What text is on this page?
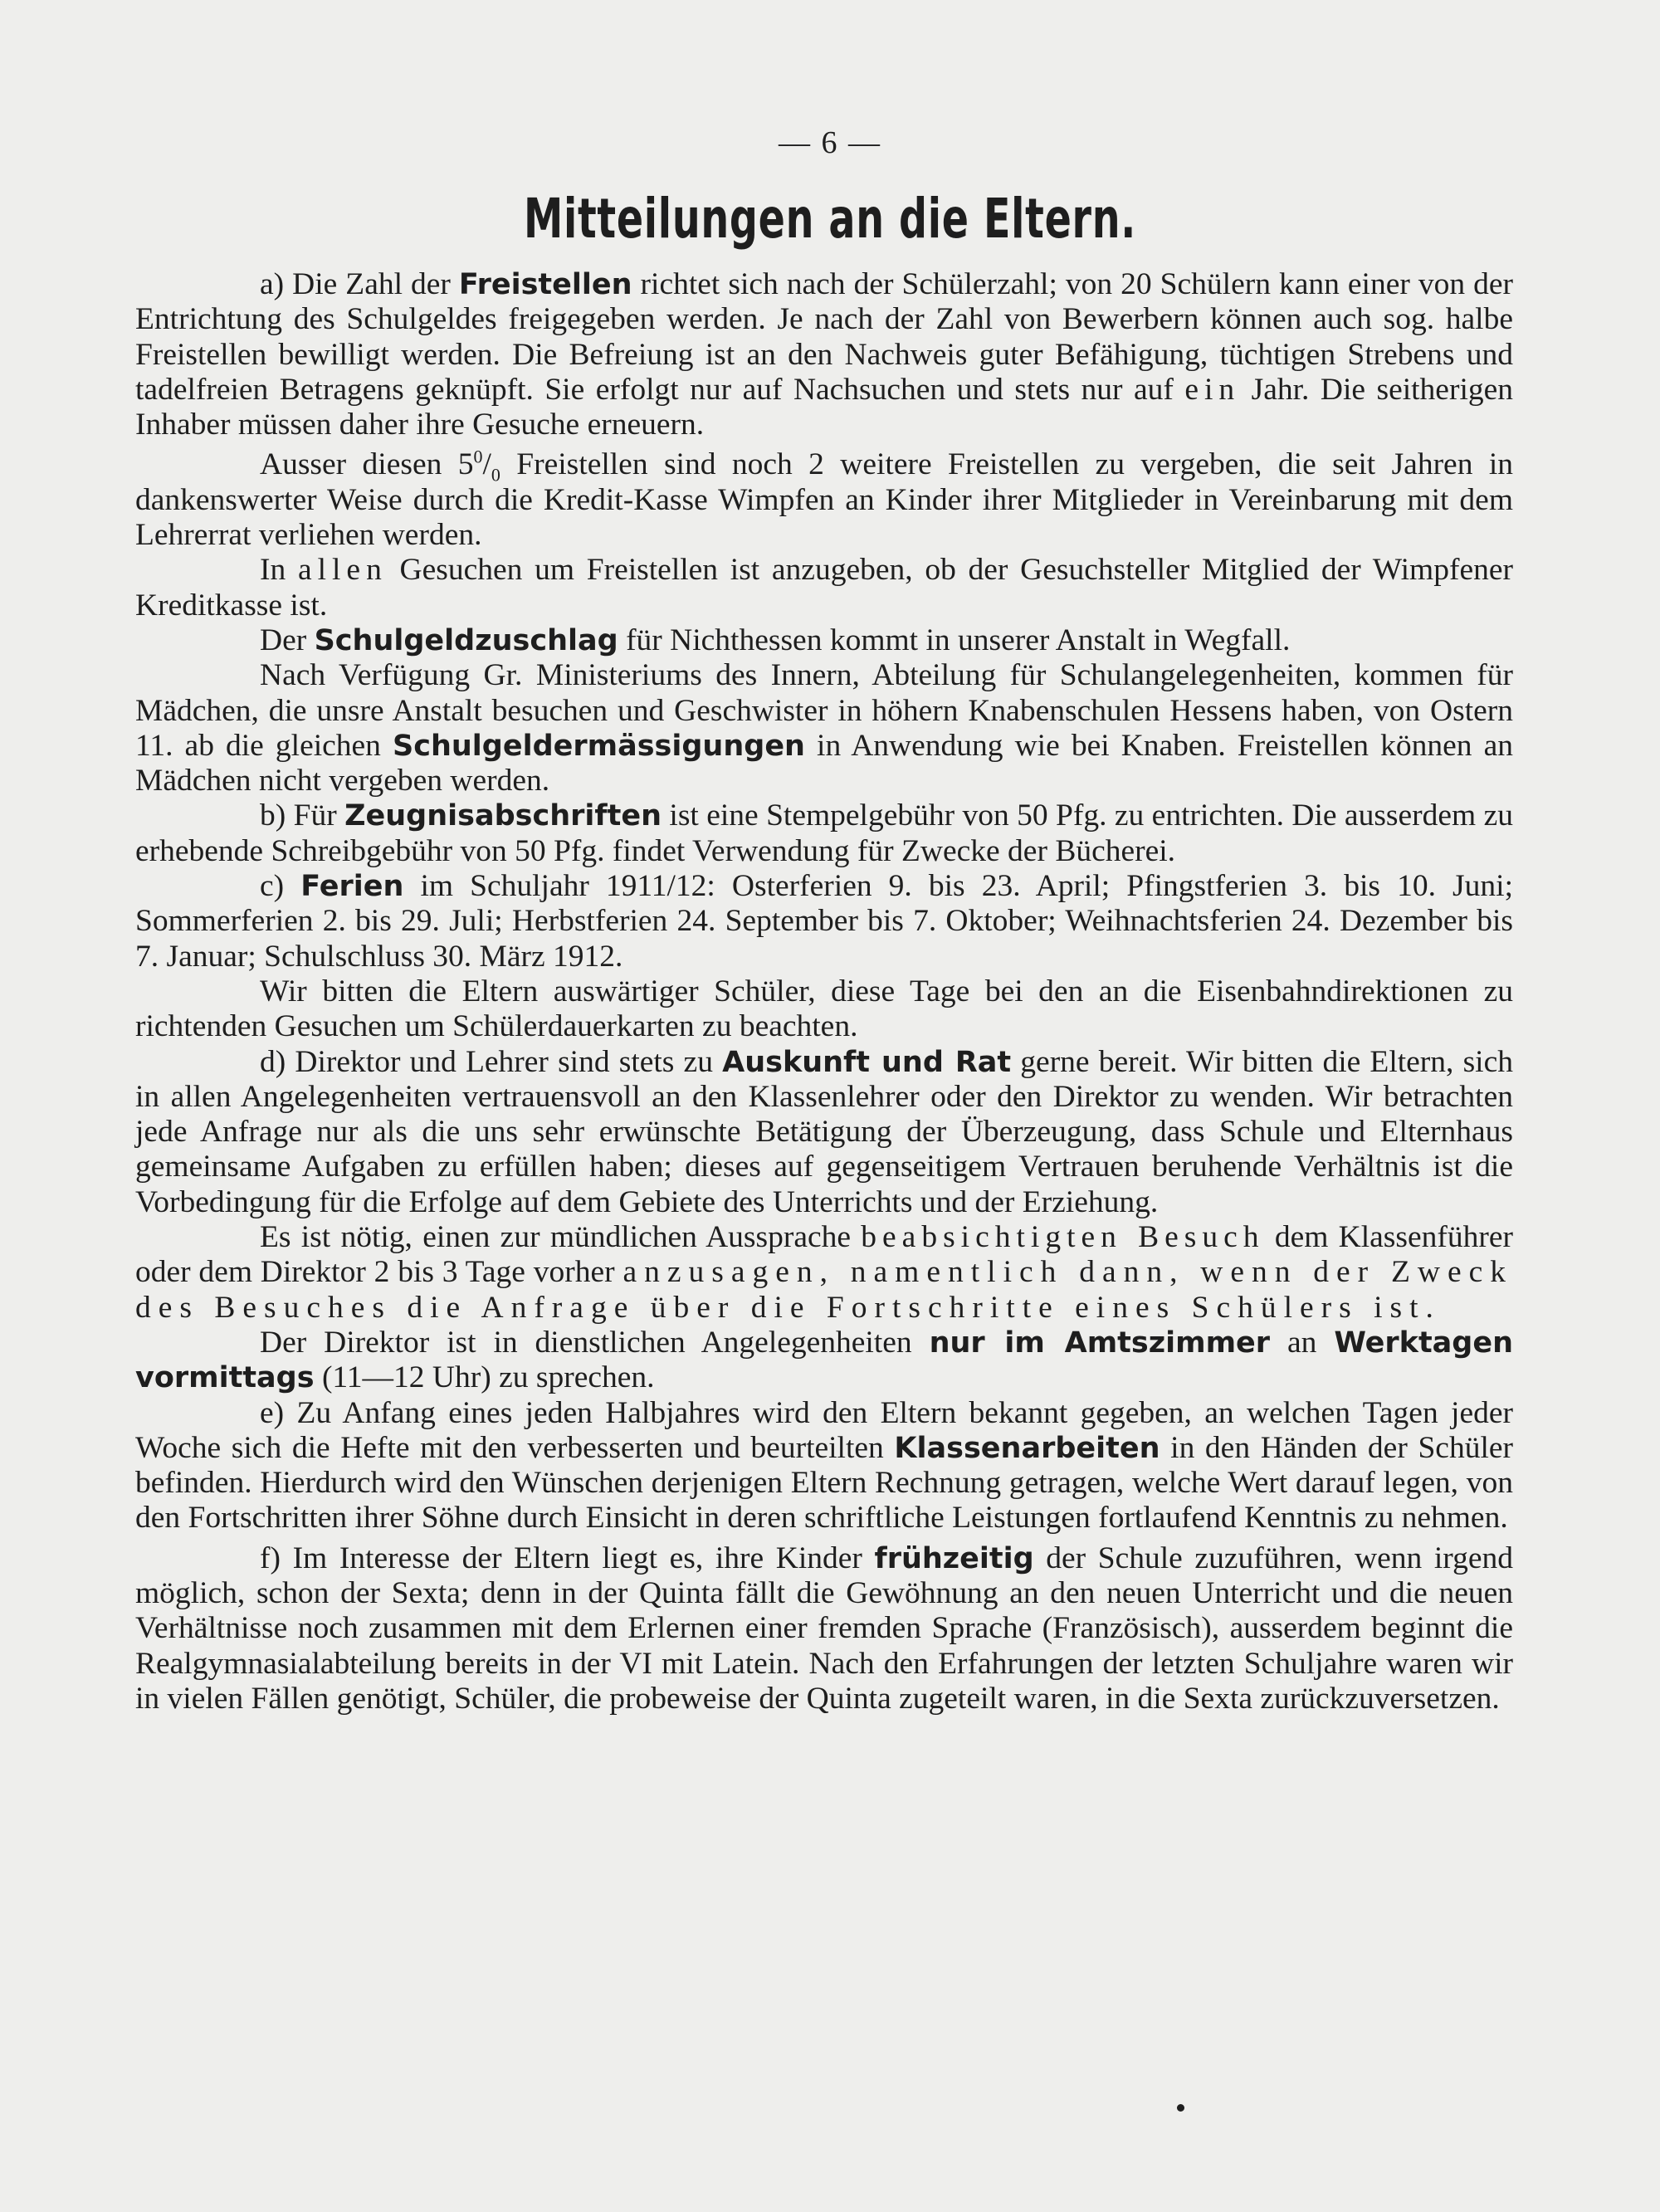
— 6 —
Mitteilungen an die Eltern.
a) Die Zahl der Freistellen richtet sich nach der Schülerzahl; von 20 Schülern kann einer von der Entrichtung des Schulgeldes freigegeben werden. Je nach der Zahl von Bewerbern können auch sog. halbe Freistellen bewilligt werden. Die Befreiung ist an den Nachweis guter Befähigung, tüchtigen Strebens und tadelfreien Betragens geknüpft. Sie erfolgt nur auf Nachsuchen und stets nur auf ein Jahr. Die seitherigen Inhaber müssen daher ihre Gesuche erneuern.
Ausser diesen $5^0/_0$ Freistellen sind noch 2 weitere Freistellen zu vergeben, die seit Jahren in dankenswerter Weise durch die Kredit-Kasse Wimpfen an Kinder ihrer Mitglieder in Vereinbarung mit dem Lehrerrat verliehen werden.
In allen Gesuchen um Freistellen ist anzugeben, ob der Gesuchsteller Mitglied der Wimpfener Kreditkasse ist.
Der Schulgeldzuschlag für Nichthessen kommt in unserer Anstalt in Wegfall.
Nach Verfügung Gr. Ministeriums des Innern, Abteilung für Schulangelegenheiten, kommen für Mädchen, die unsre Anstalt besuchen und Geschwister in höhern Knabenschulen Hessens haben, von Ostern 11. ab die gleichen Schulgeldermässigungen in Anwendung wie bei Knaben. Freistellen können an Mädchen nicht vergeben werden.
b) Für Zeugnisabschriften ist eine Stempelgebühr von 50 Pfg. zu entrichten. Die ausserdem zu erhebende Schreibgebühr von 50 Pfg. findet Verwendung für Zwecke der Bücherei.
c) Ferien im Schuljahr 1911/12: Osterferien 9. bis 23. April; Pfingstferien 3. bis 10. Juni; Sommerferien 2. bis 29. Juli; Herbstferien 24. September bis 7. Oktober; Weihnachtsferien 24. Dezember bis 7. Januar; Schulschluss 30. März 1912.
Wir bitten die Eltern auswärtiger Schüler, diese Tage bei den an die Eisenbahndirektionen zu richtenden Gesuchen um Schülerdauerkarten zu beachten.
d) Direktor und Lehrer sind stets zu Auskunft und Rat gerne bereit. Wir bitten die Eltern, sich in allen Angelegenheiten vertrauensvoll an den Klassenlehrer oder den Direktor zu wenden. Wir betrachten jede Anfrage nur als die uns sehr erwünschte Betätigung der Überzeugung, dass Schule und Elternhaus gemeinsame Aufgaben zu erfüllen haben; dieses auf gegenseitigem Vertrauen beruhende Verhältnis ist die Vorbedingung für die Erfolge auf dem Gebiete des Unterrichts und der Erziehung.
Es ist nötig, einen zur mündlichen Aussprache beabsichtigten Besuch dem Klassenführer oder dem Direktor 2 bis 3 Tage vorher anzusagen, namentlich dann, wenn der Zweck des Besuches die Anfrage über die Fortschritte eines Schülers ist.
Der Direktor ist in dienstlichen Angelegenheiten nur im Amtszimmer an Werktagen vormittags (11—12 Uhr) zu sprechen.
e) Zu Anfang eines jeden Halbjahres wird den Eltern bekannt gegeben, an welchen Tagen jeder Woche sich die Hefte mit den verbesserten und beurteilten Klassenarbeiten in den Händen der Schüler befinden. Hierdurch wird den Wünschen derjenigen Eltern Rechnung getragen, welche Wert darauf legen, von den Fortschritten ihrer Söhne durch Einsicht in deren schriftliche Leistungen fortlaufend Kenntnis zu nehmen.
f) Im Interesse der Eltern liegt es, ihre Kinder frühzeitig der Schule zuzuführen, wenn irgend möglich, schon der Sexta; denn in der Quinta fällt die Gewöhnung an den neuen Unterricht und die neuen Verhältnisse noch zusammen mit dem Erlernen einer fremden Sprache (Französisch), ausserdem beginnt die Realgymnasialabteilung bereits in der VI mit Latein. Nach den Erfahrungen der letzten Schuljahre waren wir in vielen Fällen genötigt, Schüler, die probeweise der Quinta zugeteilt waren, in die Sexta zurückzuversetzen.
